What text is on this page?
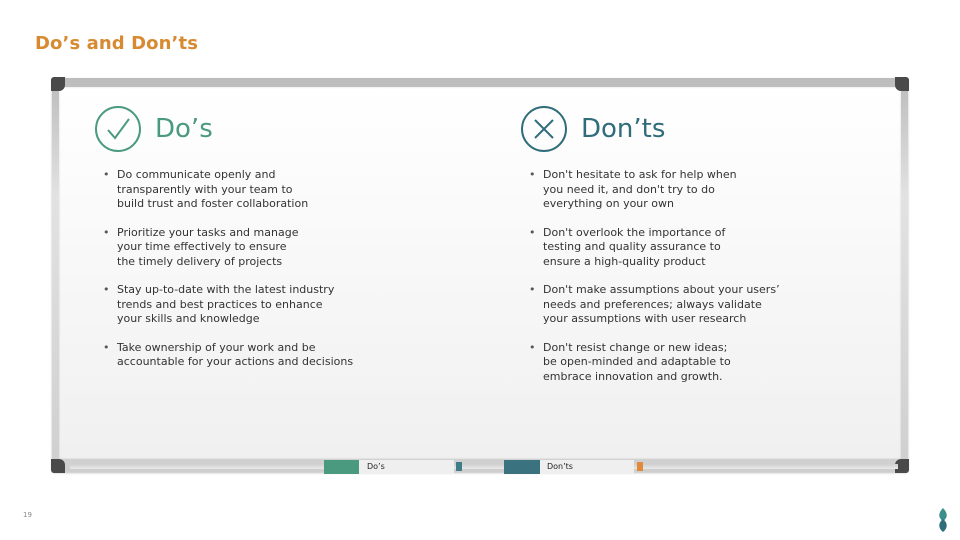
Do’s and Don’ts
Do’s	Don’ts
Do’s
• Do communicate openly and
transparently with your team to
build trust and foster collaboration
• Prioritize your tasks and manage
your time effectively to ensure
the timely delivery of projects
• Stay up-to-date with the latest industry
trends and best practices to enhance
your skills and knowledge
• Take ownership of your work and be
accountable for your actions and decisions
Don’ts
• Don't hesitate to ask for help when
you need it, and don't try to do
everything on your own
• Don't overlook the importance of
testing and quality assurance to
ensure a high-quality product
• Don't make assumptions about your users’
needs and preferences; always validate
your assumptions with user research
• Don't resist change or new ideas;
be open-minded and adaptable to
embrace innovation and growth.
19
